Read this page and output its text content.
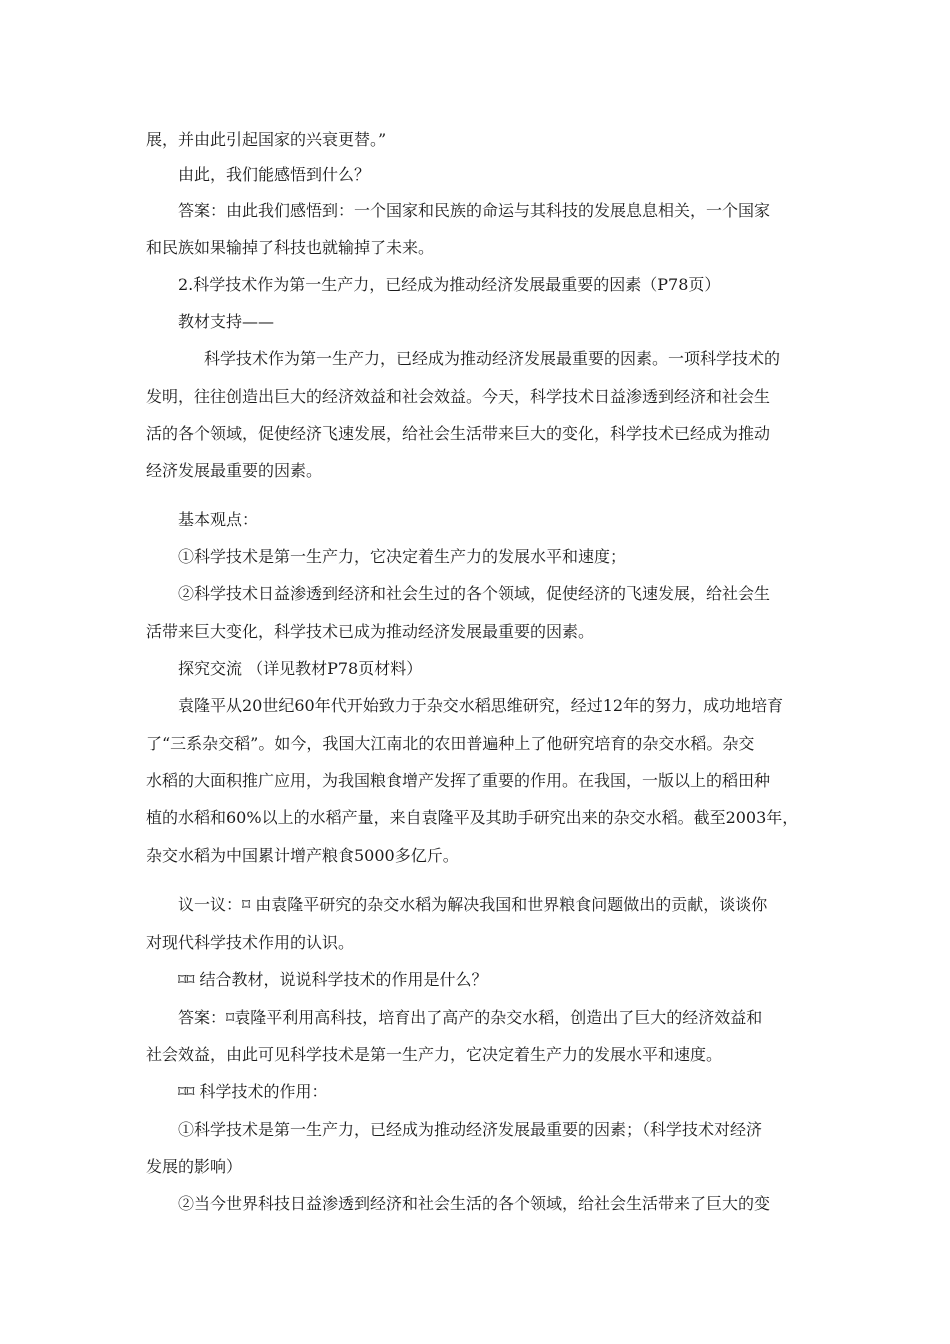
展，并由此引起国家的兴衰更替。”
由此，我们能感悟到什么？
答案：由此我们感悟到：一个国家和民族的命运与其科技的发展息息相关，一个国家
和民族如果输掉了科技也就输掉了未来。
2.科学技术作为第一生产力，已经成为推动经济发展最重要的因素（P78页）
教材支持——
科学技术作为第一生产力，已经成为推动经济发展最重要的因素。一项科学技术的
发明，往往创造出巨大的经济效益和社会效益。今天，科学技术日益渗透到经济和社会生
活的各个领域，促使经济飞速发展，给社会生活带来巨大的变化，科学技术已经成为推动
经济发展最重要的因素。
基本观点：
①科学技术是第一生产力，它决定着生产力的发展水平和速度；
②科学技术日益渗透到经济和社会生过的各个领域，促使经济的飞速发展，给社会生
活带来巨大变化，科学技术已成为推动经济发展最重要的因素。
探究交流 （详见教材P78页材料）
袁隆平从20世纪60年代开始致力于杂交水稻思维研究，经过12年的努力，成功地培育
了“三系杂交稻”。如今，我国大江南北的农田普遍种上了他研究培育的杂交水稻。杂交
水稻的大面积推广应用，为我国粮食增产发挥了重要的作用。在我国，一版以上的稻田种
植的水稻和60%以上的水稻产量，来自袁隆平及其助手研究出来的杂交水稻。截至2003年，
杂交水稻为中国累计增产粮食5000多亿斤。
议一议：⌑ 由袁隆平研究的杂交水稻为解决我国和世界粮食问题做出的贡献，谈谈你
对现代科学技术作用的认识。
⌑⌑ 结合教材，说说科学技术的作用是什么？
答案：⌑袁隆平利用高科技，培育出了高产的杂交水稻，创造出了巨大的经济效益和
社会效益，由此可见科学技术是第一生产力，它决定着生产力的发展水平和速度。
⌑⌑ 科学技术的作用：
①科学技术是第一生产力，已经成为推动经济发展最重要的因素；（科学技术对经济
发展的影响）
②当今世界科技日益渗透到经济和社会生活的各个领域，给社会生活带来了巨大的变
